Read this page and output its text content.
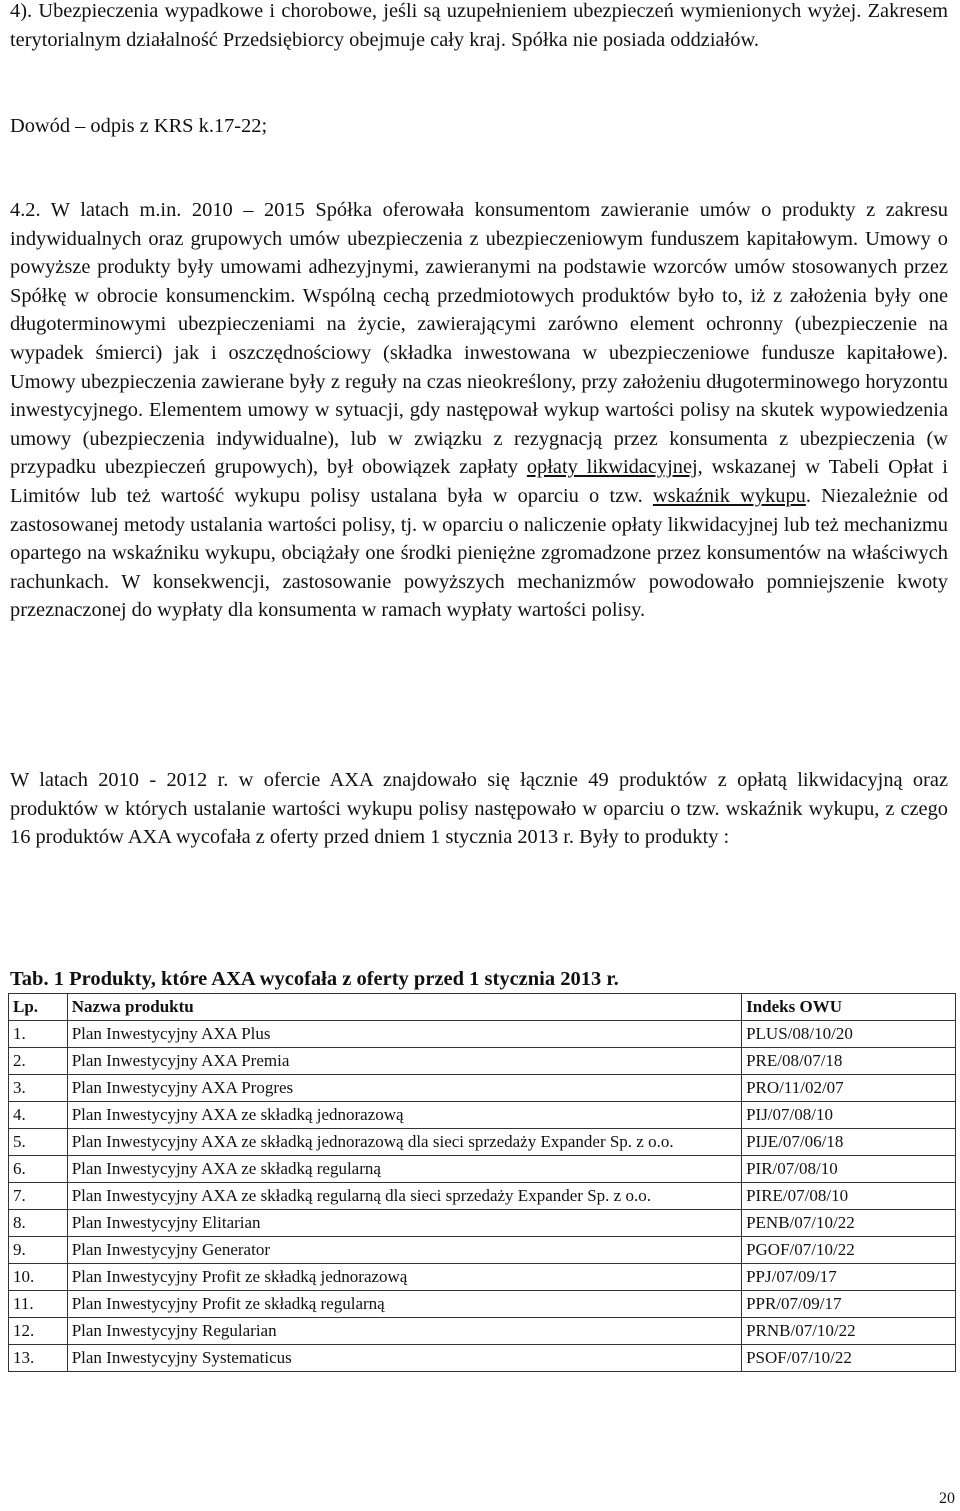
4). Ubezpieczenia wypadkowe i chorobowe, jeśli są uzupełnieniem ubezpieczeń wymienionych wyżej. Zakresem terytorialnym działalność Przedsiębiorcy obejmuje cały kraj. Spółka nie posiada oddziałów.

Dowód – odpis z KRS k.17-22;

4.2. W latach m.in. 2010 – 2015 Spółka oferowała konsumentom zawieranie umów o produkty z zakresu indywidualnych oraz grupowych umów ubezpieczenia z ubezpieczeniowym funduszem kapitałowym. Umowy o powyższe produkty były umowami adhezyjnymi, zawieranymi na podstawie wzorców umów stosowanych przez Spółkę w obrocie konsumenckim. Wspólną cechą przedmiotowych produktów było to, iż z założenia były one długoterminowymi ubezpieczeniami na życie, zawierającymi zarówno element ochronny (ubezpieczenie na wypadek śmierci) jak i oszczędnościowy (składka inwestowana w ubezpieczeniowe fundusze kapitałowe). Umowy ubezpieczenia zawierane były z reguły na czas nieokreślony, przy założeniu długoterminowego horyzontu inwestycyjnego. Elementem umowy w sytuacji, gdy następował wykup wartości polisy na skutek wypowiedzenia umowy (ubezpieczenia indywidualne), lub w związku z rezygnacją przez konsumenta z ubezpieczenia (w przypadku ubezpieczeń grupowych), był obowiązek zapłaty opłaty likwidacyjnej, wskazanej w Tabeli Opłat i Limitów lub też wartość wykupu polisy ustalana była w oparciu o tzw. wskaźnik wykupu. Niezależnie od zastosowanej metody ustalania wartości polisy, tj. w oparciu o naliczenie opłaty likwidacyjnej lub też mechanizmu opartego na wskaźniku wykupu, obciążały one środki pieniężne zgromadzone przez konsumentów na właściwych rachunkach. W konsekwencji, zastosowanie powyższych mechanizmów powodowało pomniejszenie kwoty przeznaczonej do wypłaty dla konsumenta w ramach wypłaty wartości polisy.

W latach 2010 - 2012 r. w ofercie AXA znajdowało się łącznie 49 produktów z opłatą likwidacyjną oraz produktów w których ustalanie wartości wykupu polisy następowało w oparciu o tzw. wskaźnik wykupu, z czego 16 produktów AXA wycofała z oferty przed dniem 1 stycznia 2013 r. Były to produkty :

Tab. 1 Produkty, które AXA wycofała z oferty przed 1 stycznia 2013 r.

Lp.	Nazwa produktu	Indeks OWU
1.	Plan Inwestycyjny AXA Plus	PLUS/08/10/20
2.	Plan Inwestycyjny AXA Premia	PRE/08/07/18
3.	Plan Inwestycyjny AXA Progres	PRO/11/02/07
4.	Plan Inwestycyjny AXA ze składką jednorazową	PIJ/07/08/10
5.	Plan Inwestycyjny AXA ze składką jednorazową dla sieci sprzedaży Expander Sp. z o.o.	PIJE/07/06/18
6.	Plan Inwestycyjny AXA ze składką regularną	PIR/07/08/10
7.	Plan Inwestycyjny AXA ze składką regularną dla sieci sprzedaży Expander Sp. z o.o.	PIRE/07/08/10
8.	Plan Inwestycyjny Elitarian	PENB/07/10/22
9.	Plan Inwestycyjny Generator	PGOF/07/10/22
10.	Plan Inwestycyjny Profit ze składką jednorazową	PPJ/07/09/17
11.	Plan Inwestycyjny Profit ze składką regularną	PPR/07/09/17
12.	Plan Inwestycyjny Regularian	PRNB/07/10/22
13.	Plan Inwestycyjny Systematicus	PSOF/07/10/22
20
